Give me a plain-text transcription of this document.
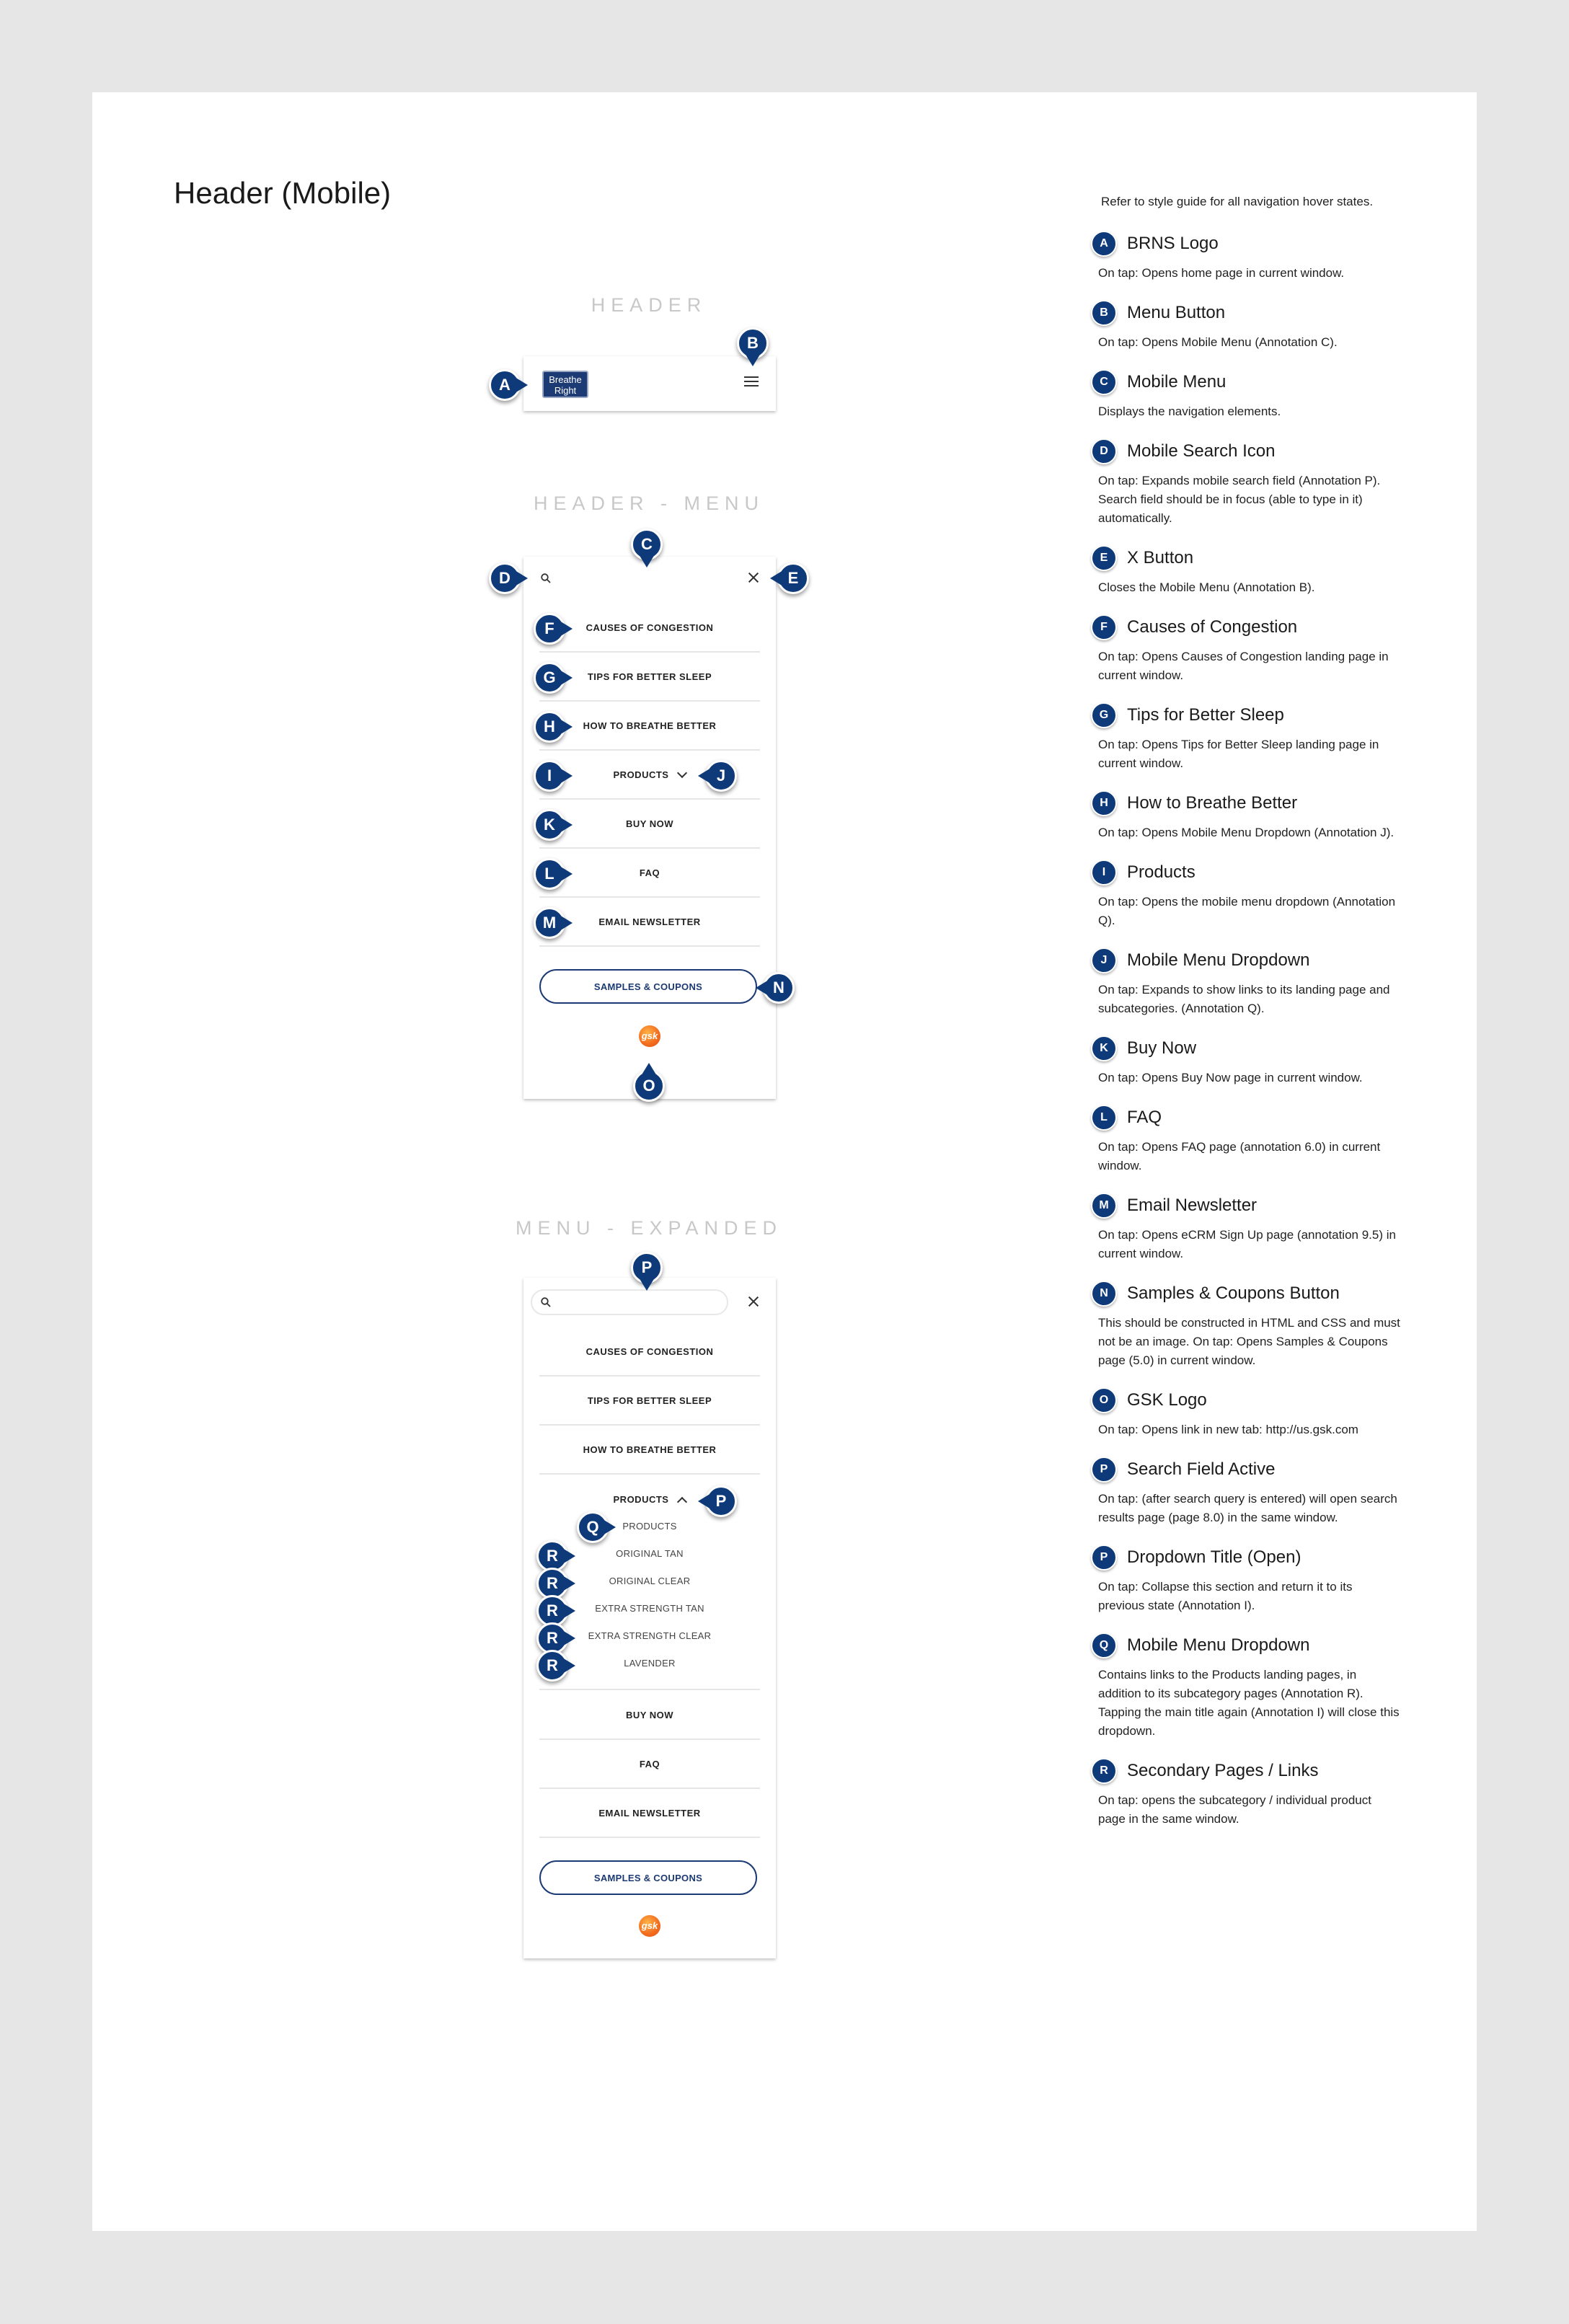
Header (Mobile)
HEADER
Breathe Right
HEADER - MENU
CAUSES OF CONGESTION
TIPS FOR BETTER SLEEP
HOW TO BREATHE BETTER
PRODUCTS
BUY NOW
FAQ
EMAIL NEWSLETTER
SAMPLES & COUPONS
gsk
MENU - EXPANDED
CAUSES OF CONGESTION
TIPS FOR BETTER SLEEP
HOW TO BREATHE BETTER
PRODUCTS
PRODUCTS
ORIGINAL TAN
ORIGINAL CLEAR
EXTRA STRENGTH TAN
EXTRA STRENGTH CLEAR
LAVENDER
BUY NOW
FAQ
EMAIL NEWSLETTER
SAMPLES & COUPONS
gsk
A
B
C
D	E
F
G
H
I	J
K
L
M
N
O
P
P
Q
R
R
R
R
R
Refer to style guide for all navigation hover states.
A	BRNS Logo
On tap: Opens home page in current window.
B	Menu Button
On tap: Opens Mobile Menu (Annotation C).
C	Mobile Menu
Displays the navigation elements.
D	Mobile Search Icon
On tap: Expands mobile search field (Annotation P). Search field should be in focus (able to type in it) automatically.
E	X Button
Closes the Mobile Menu (Annotation B).
F	Causes of Congestion
On tap: Opens Causes of Congestion landing page in current window.
G	Tips for Better Sleep
On tap: Opens Tips for Better Sleep landing page in current window.
H	How to Breathe Better
On tap: Opens Mobile Menu Dropdown (Annotation J).
I	Products
On tap: Opens the mobile menu dropdown (Annotation Q).
J	Mobile Menu Dropdown
On tap: Expands to show links to its landing page and subcategories. (Annotation Q).
K	Buy Now
On tap: Opens Buy Now page in current window.
L	FAQ
On tap: Opens FAQ page (annotation 6.0) in current window.
M	Email Newsletter
On tap: Opens eCRM Sign Up page (annotation 9.5) in current window.
N	Samples & Coupons Button
This should be constructed in HTML and CSS and must not be an image. On tap: Opens Samples & Coupons page (5.0) in current window.
O	GSK Logo
On tap: Opens link in new tab: http://us.gsk.com
P	Search Field Active
On tap: (after search query is entered) will open search results page (page 8.0) in the same window.
P	Dropdown Title (Open)
On tap: Collapse this section and return it to its previous state (Annotation I).
Q	Mobile Menu Dropdown
Contains links to the Products landing pages, in addition to its subcategory pages (Annotation R). Tapping the main title again (Annotation I) will close this dropdown.
R	Secondary Pages / Links
On tap: opens the subcategory / individual product page in the same window.
